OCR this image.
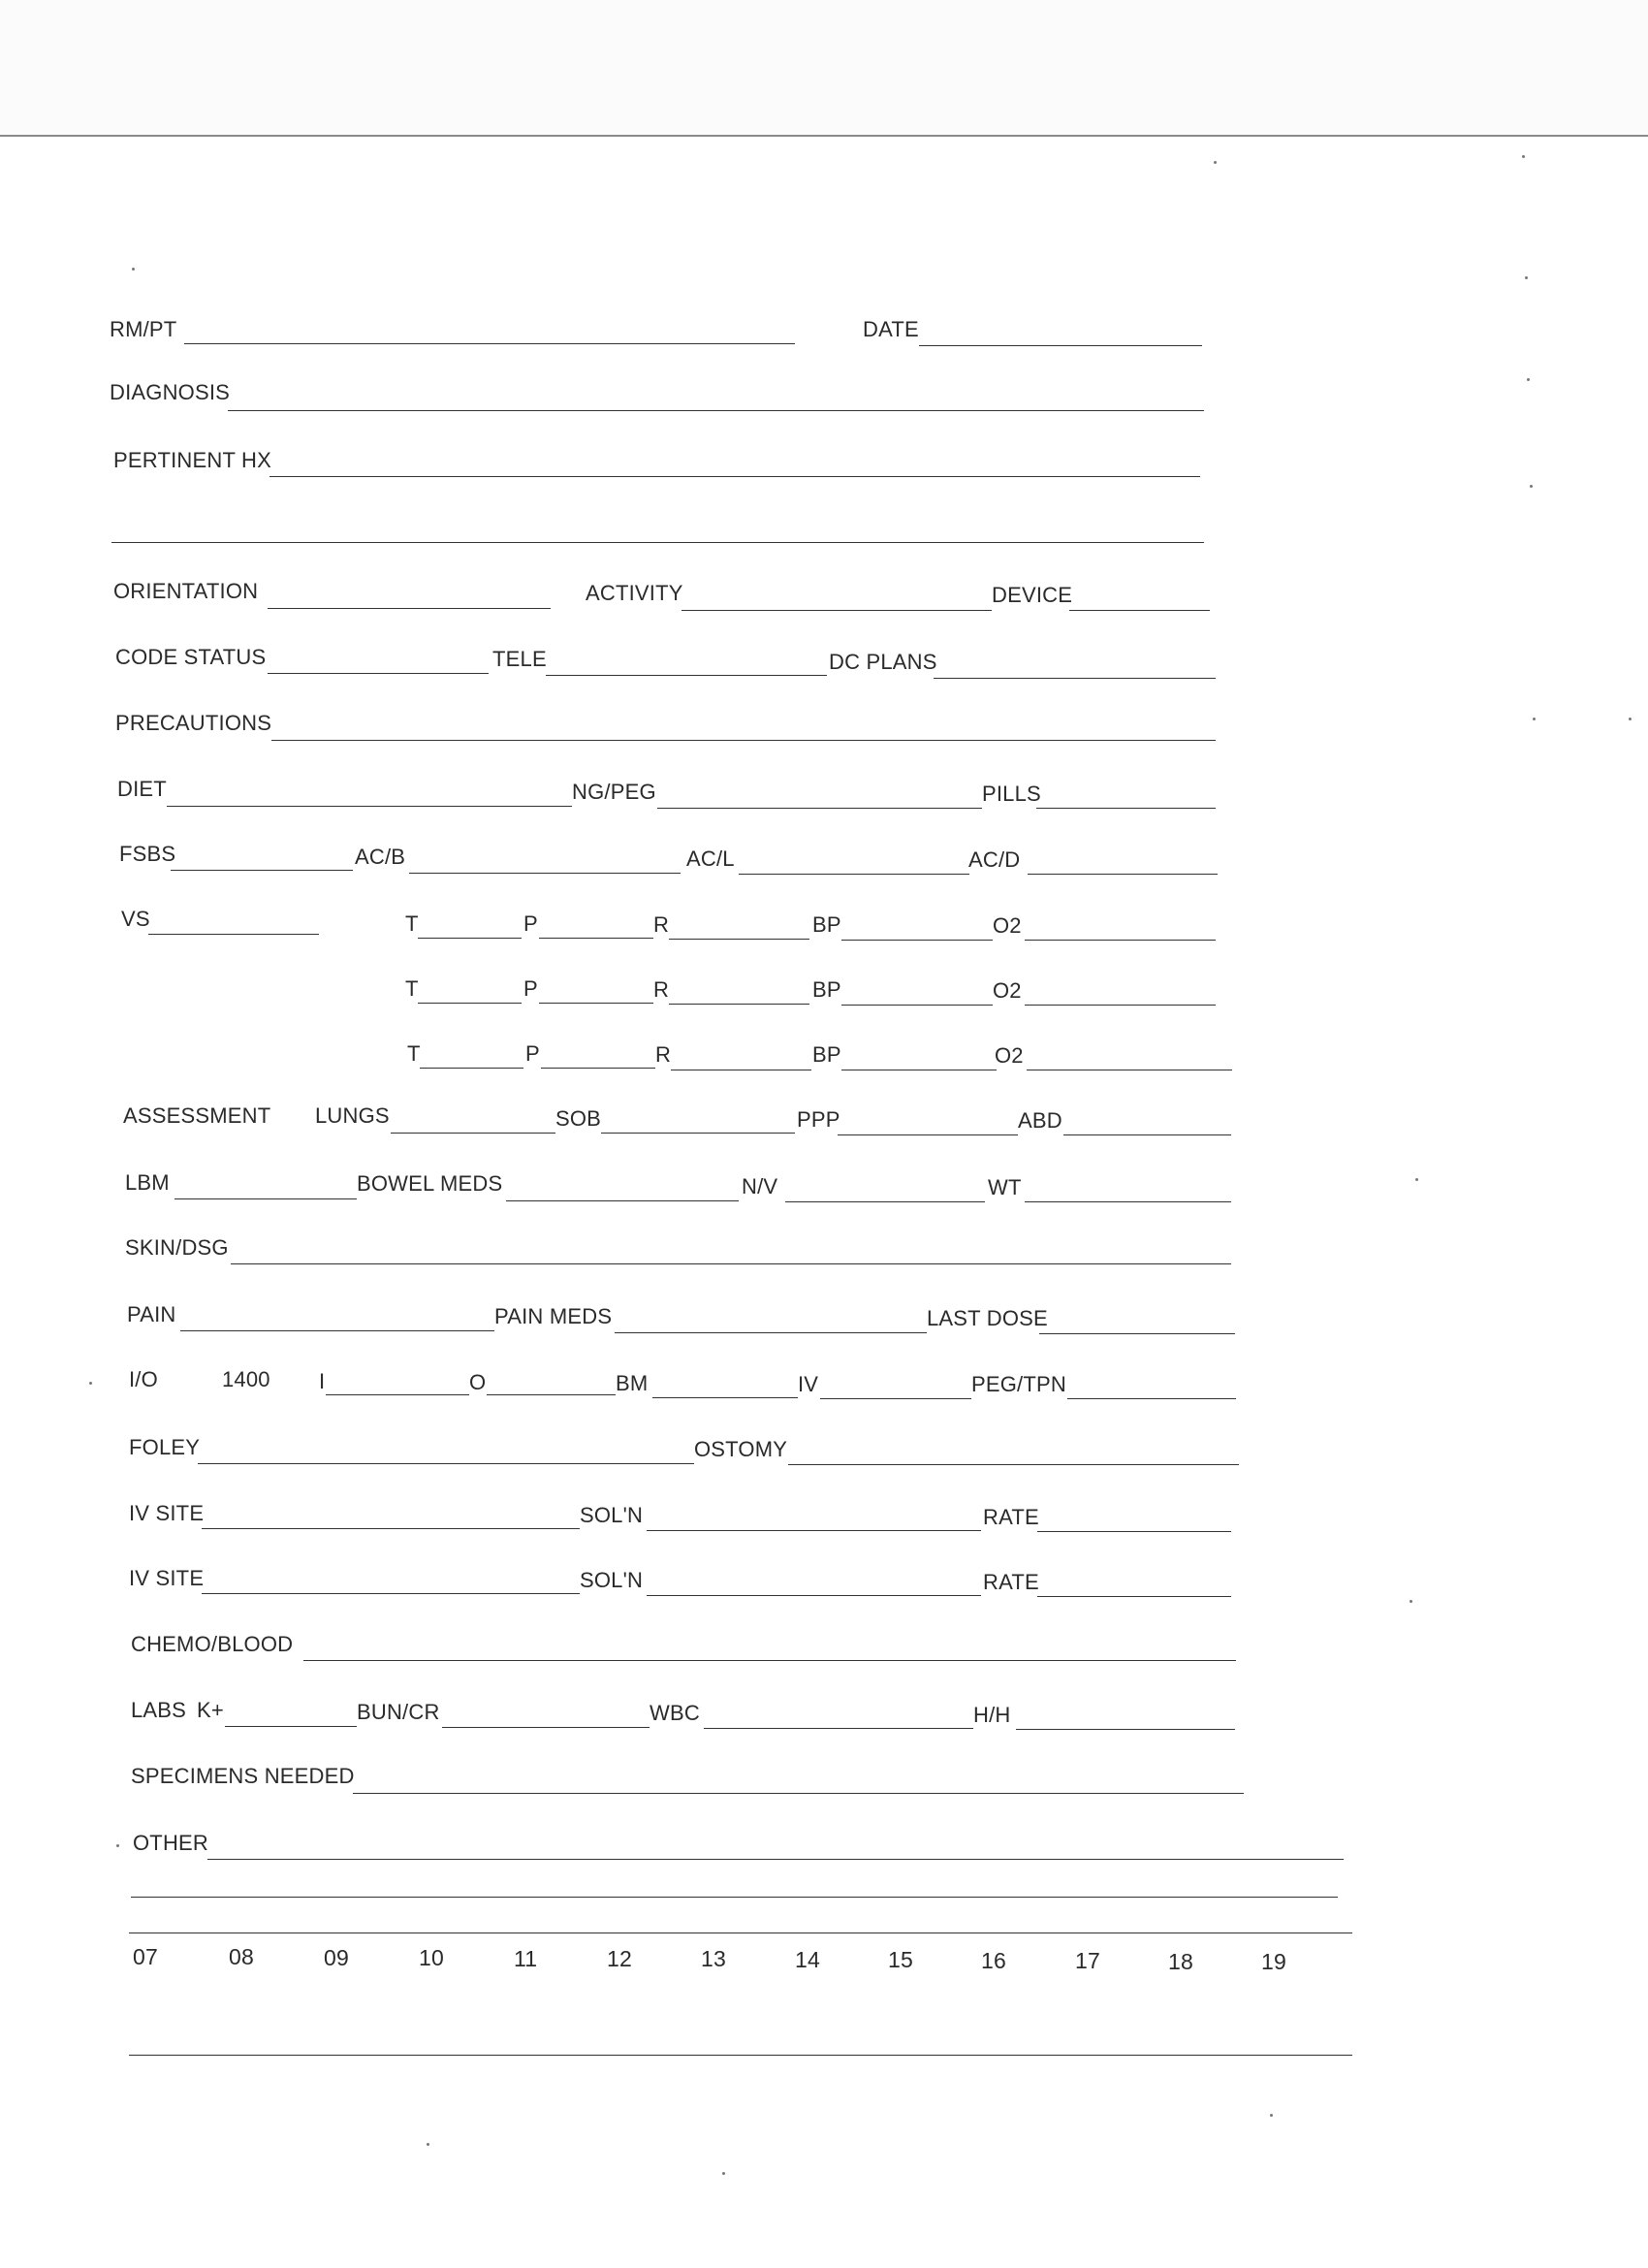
RM/PT	DATE
DIAGNOSIS
PERTINENT HX
ORIENTATION	ACTIVITY	DEVICE
CODE STATUS	TELE	DC PLANS
PRECAUTIONS
DIET	NG/PEG	PILLS
FSBS	AC/B	AC/L	AC/D
VS	T	P	R	BP	O2
T	P	R	BP	O2
T	P	R	BP	O2
ASSESSMENT LUNGS	SOB	PPP	ABD
LBM	BOWEL MEDS	N/V	WT
SKIN/DSG
PAIN	PAIN MEDS	LAST DOSE
I/O	1400 I	O	BM	IV	PEG/TPN
FOLEY	OSTOMY
IV SITE	SOL'N	RATE
IV SITE	SOL'N	RATE
CHEMO/BLOOD
LABS K+	BUN/CR	WBC	H/H
SPECIMENS NEEDED
OTHER
07	08	09	10	11	12	13	14	15	16	17	18	19
